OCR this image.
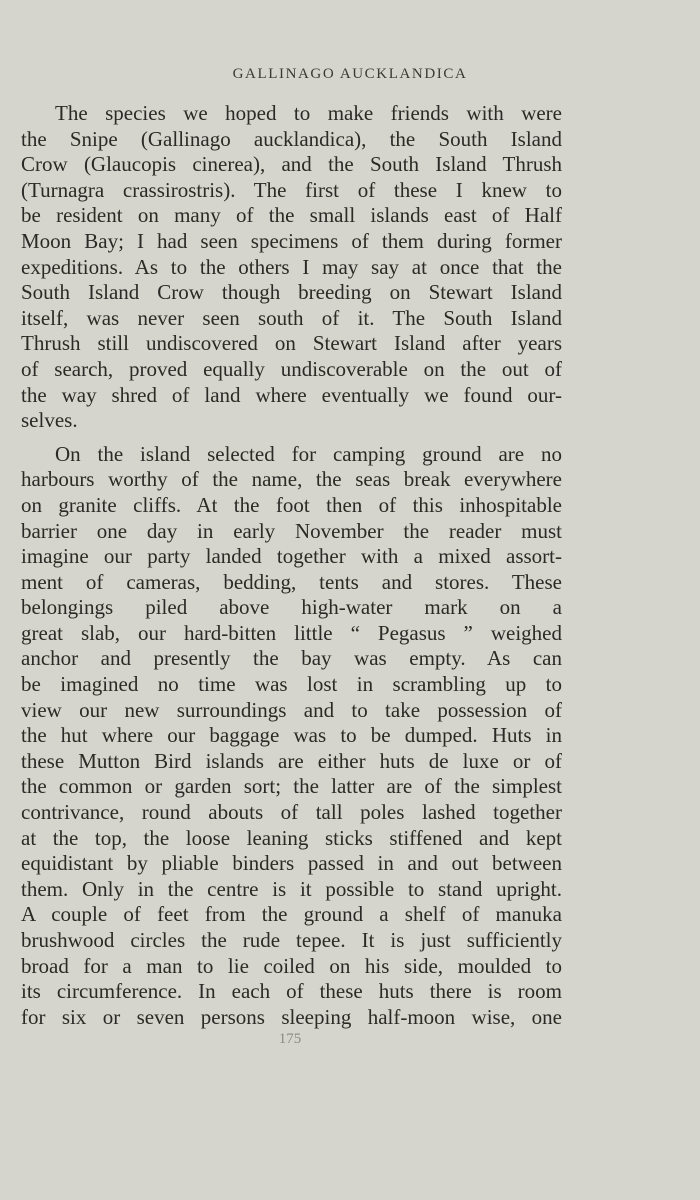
GALLINAGO AUCKLANDICA
The species we hoped to make friends with were
the Snipe (Gallinago aucklandica), the South Island
Crow (Glaucopis cinerea), and the South Island Thrush
(Turnagra crassirostris). The first of these I knew to
be resident on many of the small islands east of Half
Moon Bay; I had seen specimens of them during former
expeditions. As to the others I may say at once that the
South Island Crow though breeding on Stewart Island
itself, was never seen south of it. The South Island
Thrush still undiscovered on Stewart Island after years
of search, proved equally undiscoverable on the out of
the way shred of land where eventually we found our-
selves.
On the island selected for camping ground are no
harbours worthy of the name, the seas break everywhere
on granite cliffs. At the foot then of this inhospitable
barrier one day in early November the reader must
imagine our party landed together with a mixed assort-
ment of cameras, bedding, tents and stores. These
belongings piled above high-water mark on a
great slab, our hard-bitten little “ Pegasus ” weighed
anchor and presently the bay was empty. As can
be imagined no time was lost in scrambling up to
view our new surroundings and to take possession of
the hut where our baggage was to be dumped. Huts in
these Mutton Bird islands are either huts de luxe or of
the common or garden sort; the latter are of the simplest
contrivance, round abouts of tall poles lashed together
at the top, the loose leaning sticks stiffened and kept
equidistant by pliable binders passed in and out between
them. Only in the centre is it possible to stand upright.
A couple of feet from the ground a shelf of manuka
brushwood circles the rude tepee. It is just sufficiently
broad for a man to lie coiled on his side, moulded to
its circumference. In each of these huts there is room
for six or seven persons sleeping half-moon wise, one
175
